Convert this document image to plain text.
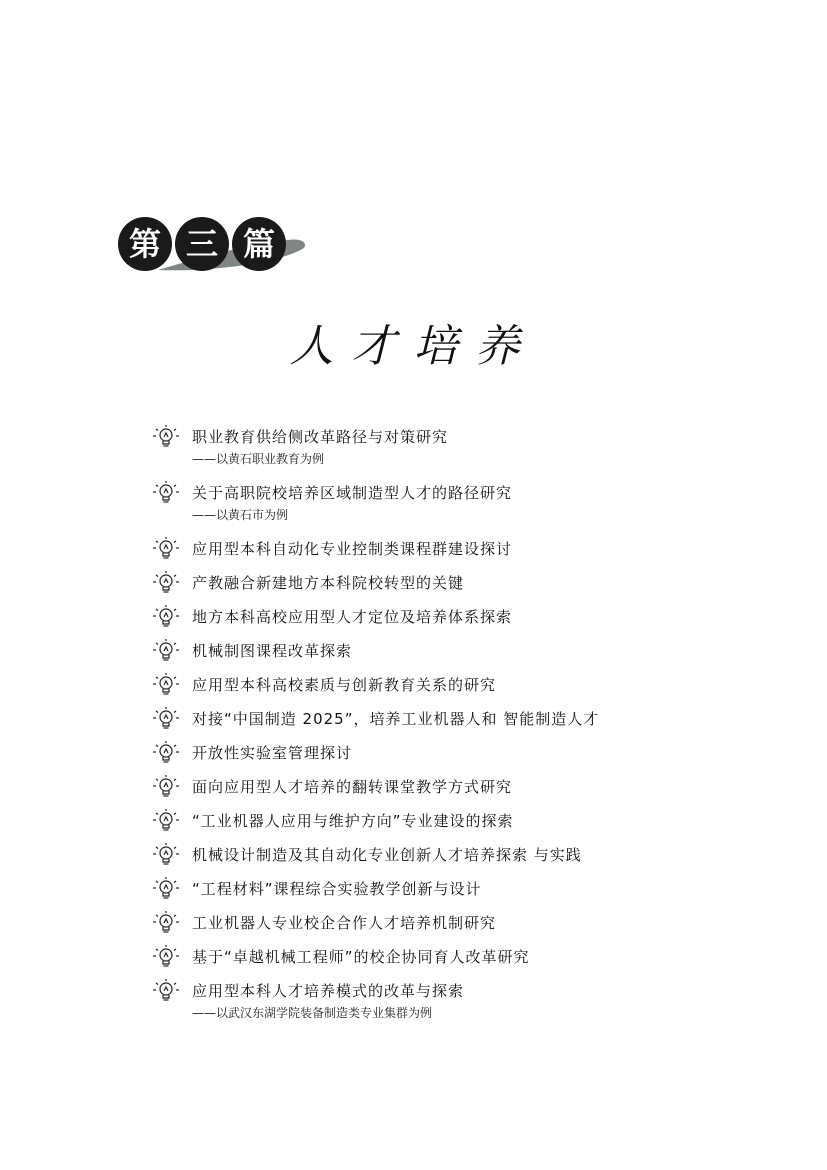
第 三 篇
人才培养
职业教育供给侧改革路径与对策研究
——以黄石职业教育为例
关于高职院校培养区域制造型人才的路径研究
——以黄石市为例
应用型本科自动化专业控制类课程群建设探讨
产教融合新建地方本科院校转型的关键
地方本科高校应用型人才定位及培养体系探索
机械制图课程改革探索
应用型本科高校素质与创新教育关系的研究
对接“中国制造 2025”，培养工业机器人和 智能制造人才
开放性实验室管理探讨
面向应用型人才培养的翻转课堂教学方式研究
“工业机器人应用与维护方向”专业建设的探索
机械设计制造及其自动化专业创新人才培养探索 与实践
“工程材料”课程综合实验教学创新与设计
工业机器人专业校企合作人才培养机制研究
基于“卓越机械工程师”的校企协同育人改革研究
应用型本科人才培养模式的改革与探索
——以武汉东湖学院装备制造类专业集群为例
